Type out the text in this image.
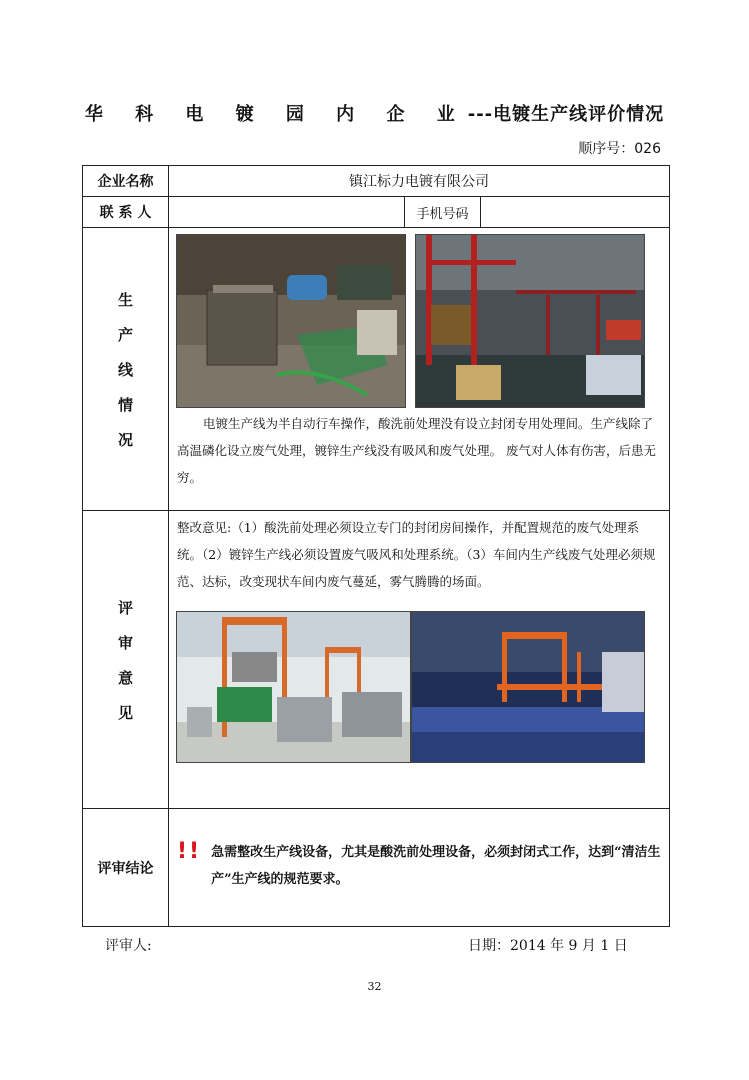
华 科 电 镀 园 内 企 业---电镀生产线评价情况
顺序号：026
企业名称	镇江标力电镀有限公司		
联 系 人		手机号码	

生
产
线
情
况	电镀生产线为半自动行车操作，酸洗前处理没有设立封闭专用处理间。生产线除了高温磷化设立废气处理，镀锌生产线没有吸风和废气处理。 废气对人体有伤害，后患无穷。		

评
审
意
见	整改意见:（1）酸洗前处理必须设立专门的封闭房间操作，并配置规范的废气处理系统。（2）镀锌生产线必须设置废气吸风和处理系统。（3）车间内生产线废气处理必须规范、达标，改变现状车间内废气蔓延，雾气腾腾的场面。		

评审结论	!! 急需整改生产线设备，尤其是酸洗前处理设备，必须封闭式工作，达到“清洁生产”生产线的规范要求。		
评审人:	日期：2014 年 9 月 1 日
32
